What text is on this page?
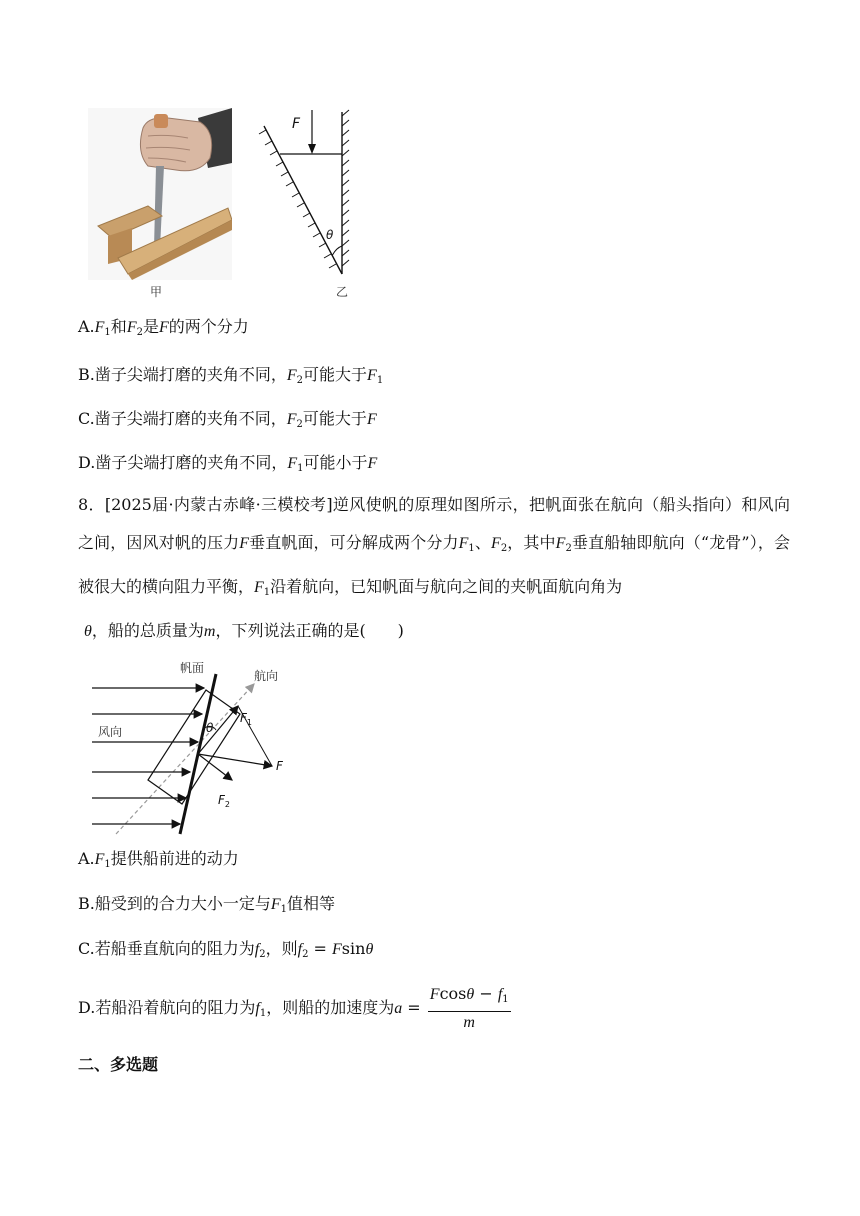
甲
F
θ
乙
$A.F_1$和$F_2$是F的两个分力
B.凿子尖端打磨的夹角不同，$F_2$可能大于$F_1$
C.凿子尖端打磨的夹角不同，$F_2$可能大于F
D.凿子尖端打磨的夹角不同，$F_1$可能小于F
8．[2025届·内蒙古赤峰·三模校考]逆风使帆的原理如图所示，把帆面张在航向（船头指向）和风向之间，因风对帆的压力F垂直帆面，可分解成两个分力$F_1$、$F_2$，其中$F_2$垂直船轴即航向（“龙骨”），会被很大的横向阻力平衡，$F_1$沿着航向，已知帆面与航向之间的夹帆面航向角为
θ，船的总质量为m，下列说法正确的是(　　)
帆面
航向
风向	θ
$F_1$
F
$F_2$
$A.F_1$提供船前进的动力
B.船受到的合力大小一定与$F_1$值相等
C.若船垂直航向的阻力为$f_2$，则$f_2 = Fsin\theta$
D.若船沿着航向的阻力为$f_1$，则船的加速度为$a = \frac{Fcos\theta - f_1}{m}$
二、多选题
